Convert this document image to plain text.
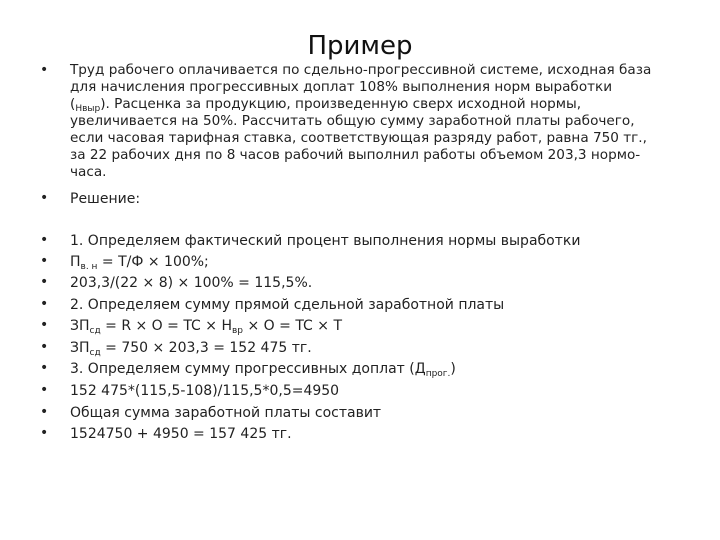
Пример
• Труд рабочего оплачивается по сдельно-прогрессивной системе, исходная база для начисления прогрессивных доплат 108% выполнения норм выработки $(_{Нвыр})$. Расценка за продукцию, произведенную сверх исходной нормы, увеличивается на 50%. Рассчитать общую сумму заработной платы рабочего, если часовая тарифная ставка, соответствующая разряду работ, равна 750 тг., за 22 рабочих дня по 8 часов рабочий выполнил работы объемом 203,3 нормо-часа.
• Решение:
• 1. Определяем фактический процент выполнения нормы выработки
• $П_{в. н} = Т/Ф \times 100\%$;
• 203,3/(22 × 8) × 100% = 115,5%.
• 2. Определяем сумму прямой сдельной заработной платы
• $ЗП_{сд} = R \times O$ = TC × $H_{вр} \times O$ = TC × T
• $ЗП_{сд} = 750 \times 203,3 = 152$ 475 тг.
• 3. Определяем сумму прогрессивных доплат $(Д_{прог.})$
• 152 475*(115,5-108)/115,5*0,5=4950
• Общая сумма заработной платы составит
• 1524750 + 4950 = 157 425 тг.
